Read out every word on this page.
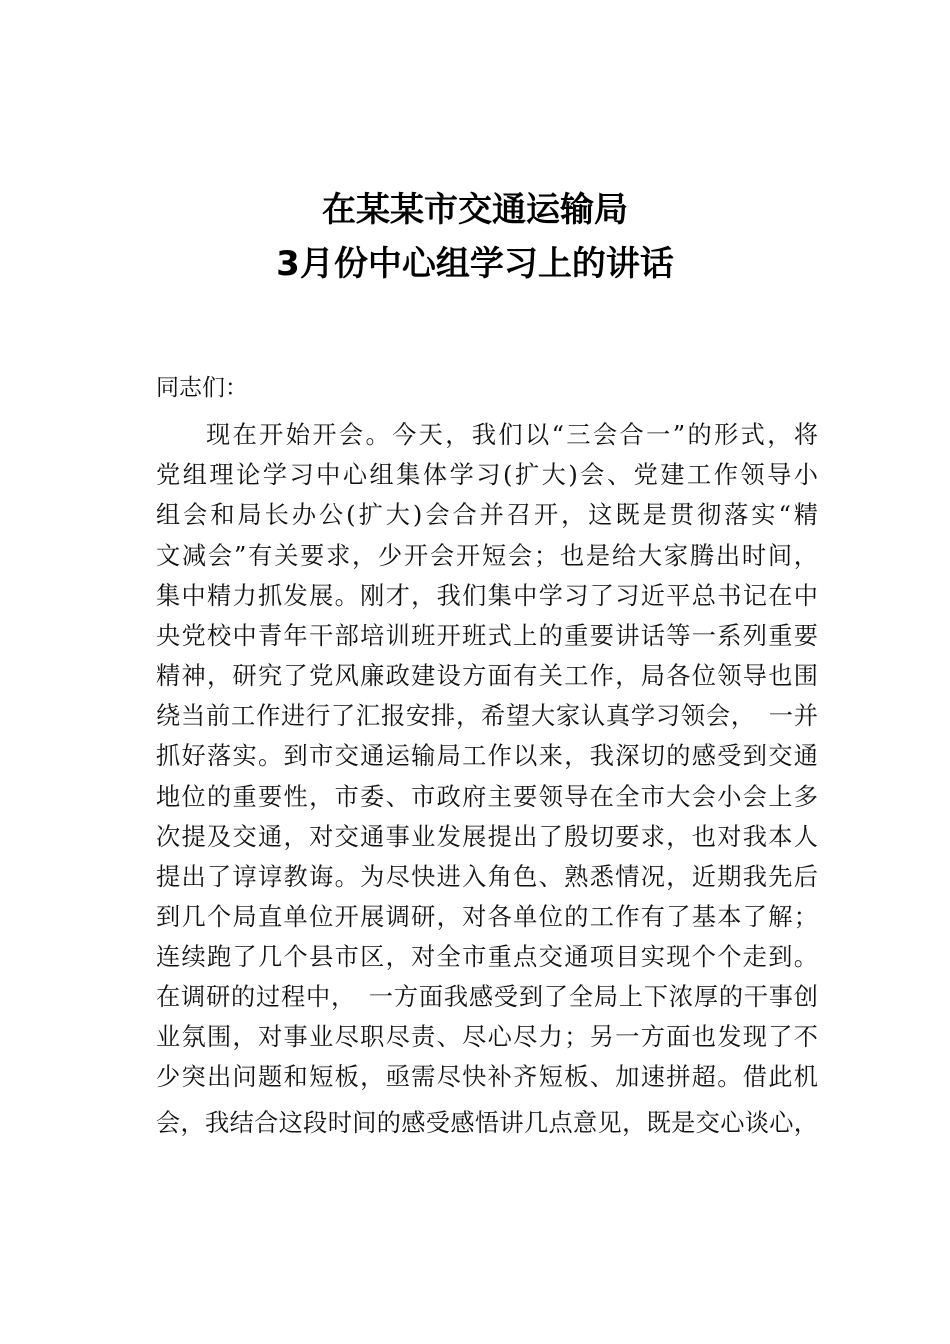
在某某市交通运输局
3月份中心组学习上的讲话
同志们：
现在开始开会。今天，我们以“三会合一”的形式，将
党组理论学习中心组集体学习(扩大)会、党建工作领导小
组会和局长办公(扩大)会合并召开，这既是贯彻落实“精
文减会”有关要求，少开会开短会；也是给大家腾出时间，
集中精力抓发展。刚才，我们集中学习了习近平总书记在中
央党校中青年干部培训班开班式上的重要讲话等一系列重要
精神，研究了党风廉政建设方面有关工作，局各位领导也围
绕当前工作进行了汇报安排，希望大家认真学习领会，　一并
抓好落实。到市交通运输局工作以来，我深切的感受到交通
地位的重要性，市委、市政府主要领导在全市大会小会上多
次提及交通，对交通事业发展提出了殷切要求，也对我本人
提出了谆谆教诲。为尽快进入角色、熟悉情况，近期我先后
到几个局直单位开展调研，对各单位的工作有了基本了解；
连续跑了几个县市区，对全市重点交通项目实现个个走到。
在调研的过程中，　一方面我感受到了全局上下浓厚的干事创
业氛围，对事业尽职尽责、尽心尽力；另一方面也发现了不
少突出问题和短板，亟需尽快补齐短板、加速拼超。借此机
会，我结合这段时间的感受感悟讲几点意见，既是交心谈心，
